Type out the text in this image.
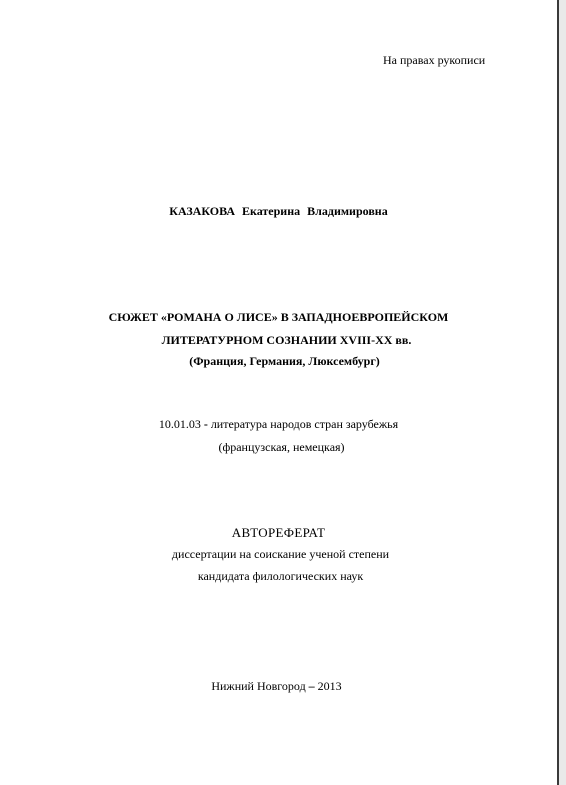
На правах рукописи
КАЗАКОВА Екатерина Владимировна
СЮЖЕТ «РОМАНА О ЛИСЕ» В ЗАПАДНОЕВРОПЕЙСКОМ
ЛИТЕРАТУРНОМ СОЗНАНИИ XVIII-XX вв.
(Франция, Германия, Люксембург)
10.01.03 - литература народов стран зарубежья
(французская, немецкая)
АВТОРЕФЕРАТ
диссертации на соискание ученой степени
кандидата филологических наук
Нижний Новгород – 2013
